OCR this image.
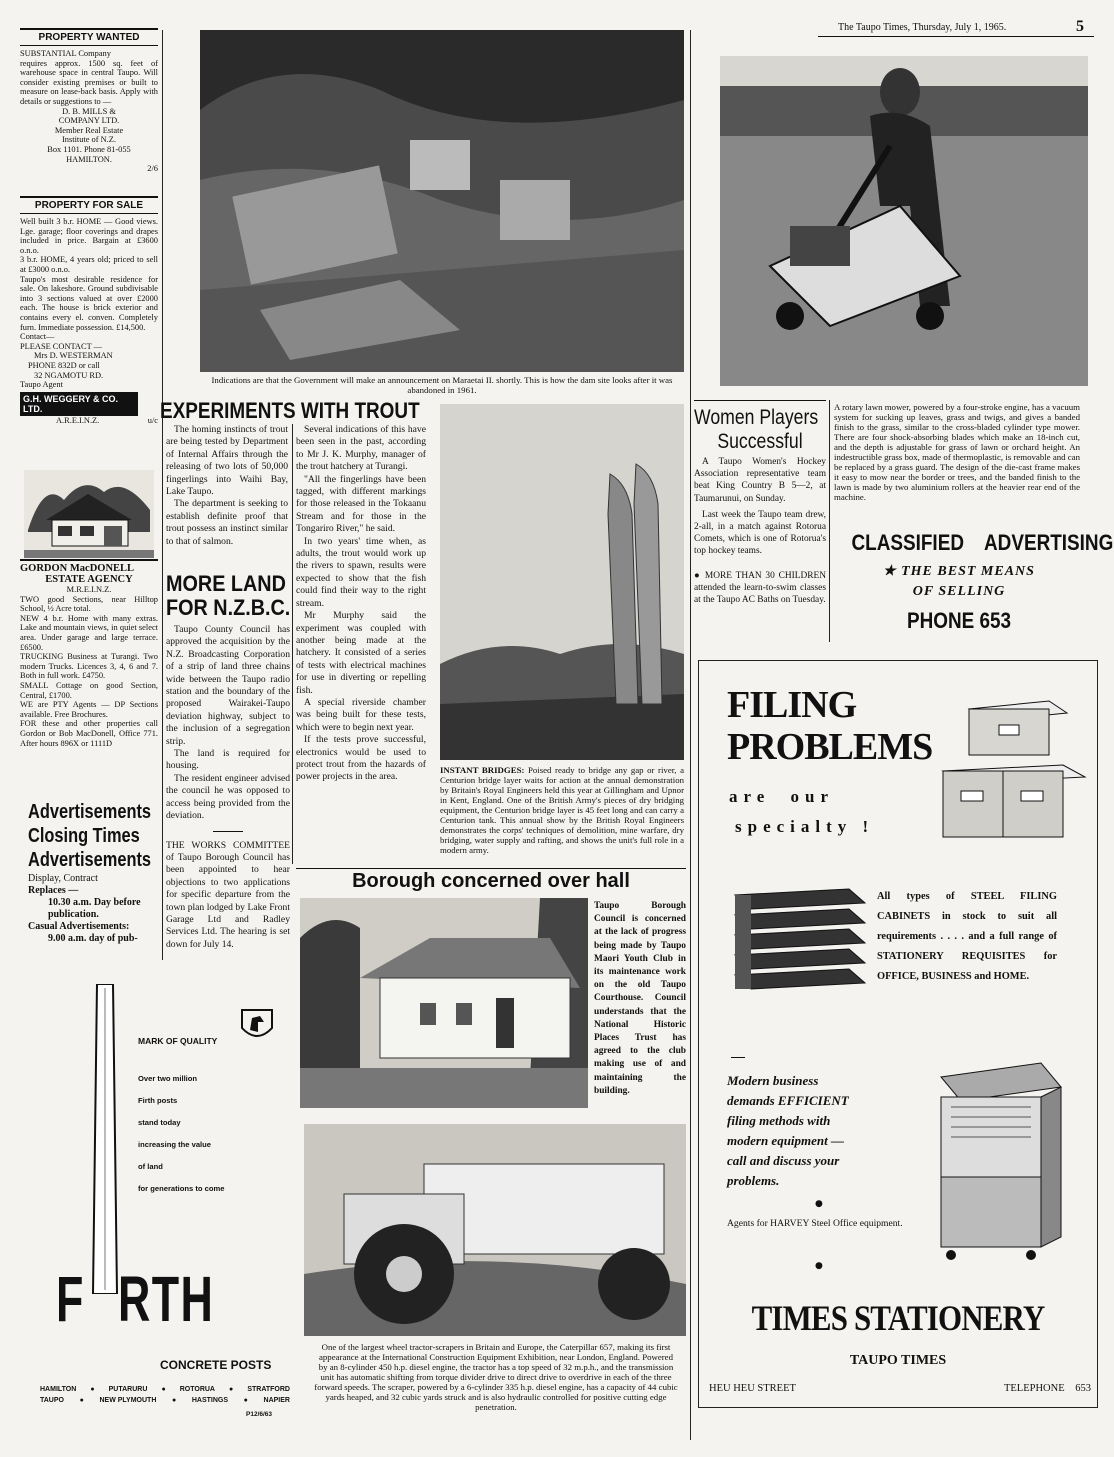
The Taupo Times, Thursday, July 1, 1965.	5
PROPERTY WANTED

SUBSTANTIAL Company

requires approx. 1500 sq. feet of warehouse space in central Taupo. Will consider existing premises or built to measure on lease-back basis. Apply with details or suggestions to —

D. B. MILLS &

COMPANY LTD.

Member Real Estate

Institute of N.Z.

Box 1101. Phone 81-055

HAMILTON.

2/6

PROPERTY FOR SALE

Well built 3 b.r. HOME — Good views. Lge. garage; floor coverings and drapes included in price. Bargain at £3600 o.n.o.

3 b.r. HOME, 4 years old; priced to sell at £3000 o.n.o.

Taupo's most desirable residence for sale. On lakeshore. Ground subdivisable into 3 sections valued at over £2000 each. The house is brick exterior and contains every el. conven. Completely furn. Immediate possession. £14,500.

Contact—

PLEASE CONTACT —

Mrs D. WESTERMAN

PHONE 832D or call

32 NGAMOTU RD.

Taupo Agent

G.H. WEGGERY & CO. LTD.
A.R.E.I.N.Z.	u/c
GORDON MacDONELL
ESTATE AGENCY
M.R.E.I.N.Z.

TWO good Sections, near Hilltop School, ½ Acre total.

NEW 4 b.r. Home with many extras. Lake and mountain views, in quiet select area. Under garage and large terrace. £6500.

TRUCKING Business at Turangi. Two modern Trucks. Licences 3, 4, 6 and 7. Both in full work. £4750.

SMALL Cottage on good Section, Central, £1700.

WE are PTY Agents — DP Sections available. Free Brochures.

FOR these and other properties call Gordon or Bob MacDonell, Office 771. After hours 896X or 1111D

Advertisements
Closing Times
Advertisements

Display, Contract

Replaces —

10.30 a.m. Day before publication.

Casual Advertisements:

9.00 a.m. day of pub-

MARK OF QUALITY

Over two million

Firth posts

stand today

increasing the value

of land

for generations to come

F RTH
CONCRETE POSTS
HAMILTON ● PUTARURU ● ROTORUA ● STRATFORD
TAUPO ● NEW PLYMOUTH ● HASTINGS ● NAPIER
P12/6/63
Indications are that the Government will make an announcement on Maraetai II. shortly. This is how the dam site looks after it was abandoned in 1961.
EXPERIMENTS WITH TROUT

The homing instincts of trout are being tested by Department of Internal Affairs through the releasing of two lots of 50,000 fingerlings into Waihi Bay, Lake Taupo.

The department is seeking to establish definite proof that trout possess an instinct similar to that of salmon.

Several indications of this have been seen in the past, according to Mr J. K. Murphy, manager of the trout hatchery at Turangi.

"All the fingerlings have been tagged, with different markings for those released in the Tokaanu Stream and for those in the Tongariro River," he said.

In two years' time when, as adults, the trout would work up the rivers to spawn, results were expected to show that the fish could find their way to the right stream.

Mr Murphy said the experiment was coupled with another being made at the hatchery. It consisted of a series of tests with electrical machines for use in diverting or repelling fish.

A special riverside chamber was being built for these tests, which were to begin next year.

If the tests prove successful, electronics would be used to protect trout from the hazards of power projects in the area.

MORE LAND
FOR N.Z.B.C.

Taupo County Council has approved the acquisition by the N.Z. Broadcasting Corporation of a strip of land three chains wide between the Taupo radio station and the boundary of the proposed Wairakei-Taupo deviation highway, subject to the inclusion of a segregation strip.

The land is required for housing.

The resident engineer advised the council he was opposed to access being provided from the deviation.

THE WORKS COMMITTEE of Taupo Borough Council has been appointed to hear objections to two applications for specific departure from the town plan lodged by Lake Front Garage Ltd and Radley Services Ltd. The hearing is set down for July 14.

INSTANT BRIDGES: Poised ready to bridge any gap or river, a Centurion bridge layer waits for action at the annual demonstration by Britain's Royal Engineers held this year at Gillingham and Upnor in Kent, England. One of the British Army's pieces of dry bridging equipment, the Centurion bridge layer is 45 feet long and can carry a Centurion tank. This annual show by the British Royal Engineers demonstrates the corps' techniques of demolition, mine warfare, dry bridging, water supply and rafting, and shows the unit's full role in a modern army.
Borough concerned over hall
Taupo Borough Council is concerned at the lack of progress being made by Taupo Maori Youth Club in its maintenance work on the old Taupo Courthouse. Council understands that the National Historic Places Trust has agreed to the club making use of and maintaining the building.
One of the largest wheel tractor-scrapers in Britain and Europe, the Caterpillar 657, making its first appearance at the International Construction Equipment Exhibition, near London, England. Powered by an 8-cylinder 450 h.p. diesel engine, the tractor has a top speed of 32 m.p.h., and the transmission unit has automatic shifting from torque divider drive to direct drive to overdrive in each of the three forward speeds. The scraper, powered by a 6-cylinder 335 h.p. diesel engine, has a capacity of 44 cubic yards heaped, and 32 cubic yards struck and is also hydraulic controlled for positive cutting edge penetration.
A rotary lawn mower, powered by a four-stroke engine, has a vacuum system for sucking up leaves, grass and twigs, and gives a banded finish to the grass, similar to the cross-bladed cylinder type mower. There are four shock-absorbing blades which make an 18-inch cut, and the depth is adjustable for grass of lawn or orchard height. An indestructible grass box, made of thermoplastic, is removable and can be replaced by a grass guard. The design of the die-cast frame makes it easy to mow near the border or trees, and the banded finish to the lawn is made by two aluminium rollers at the heavier rear end of the machine.
Women Players
Successful

A Taupo Women's Hockey Association representative team beat King Country B 5—2, at Taumarunui, on Sunday.

Last week the Taupo team drew, 2-all, in a match against Rotorua Comets, which is one of Rotorua's top hockey teams.

● MORE THAN 30 CHILDREN attended the learn-to-swim classes at the Taupo AC Baths on Tuesday.

CLASSIFIED ADVERTISING

★ THE BEST MEANS

OF SELLING

PHONE 653
FILING
PROBLEMS
are our
specialty !
All types of STEEL FILING CABINETS in stock to suit all requirements . . . . and a full range of STATIONERY REQUISITES for OFFICE, BUSINESS and HOME.

Modern business

demands EFFICIENT

filing methods with

modern equipment —

call and discuss your

problems.

●
Agents for HARVEY Steel Office equipment.
●
TIMES STATIONERY
TAUPO TIMES
HEU HEU STREET	TELEPHONE 653
